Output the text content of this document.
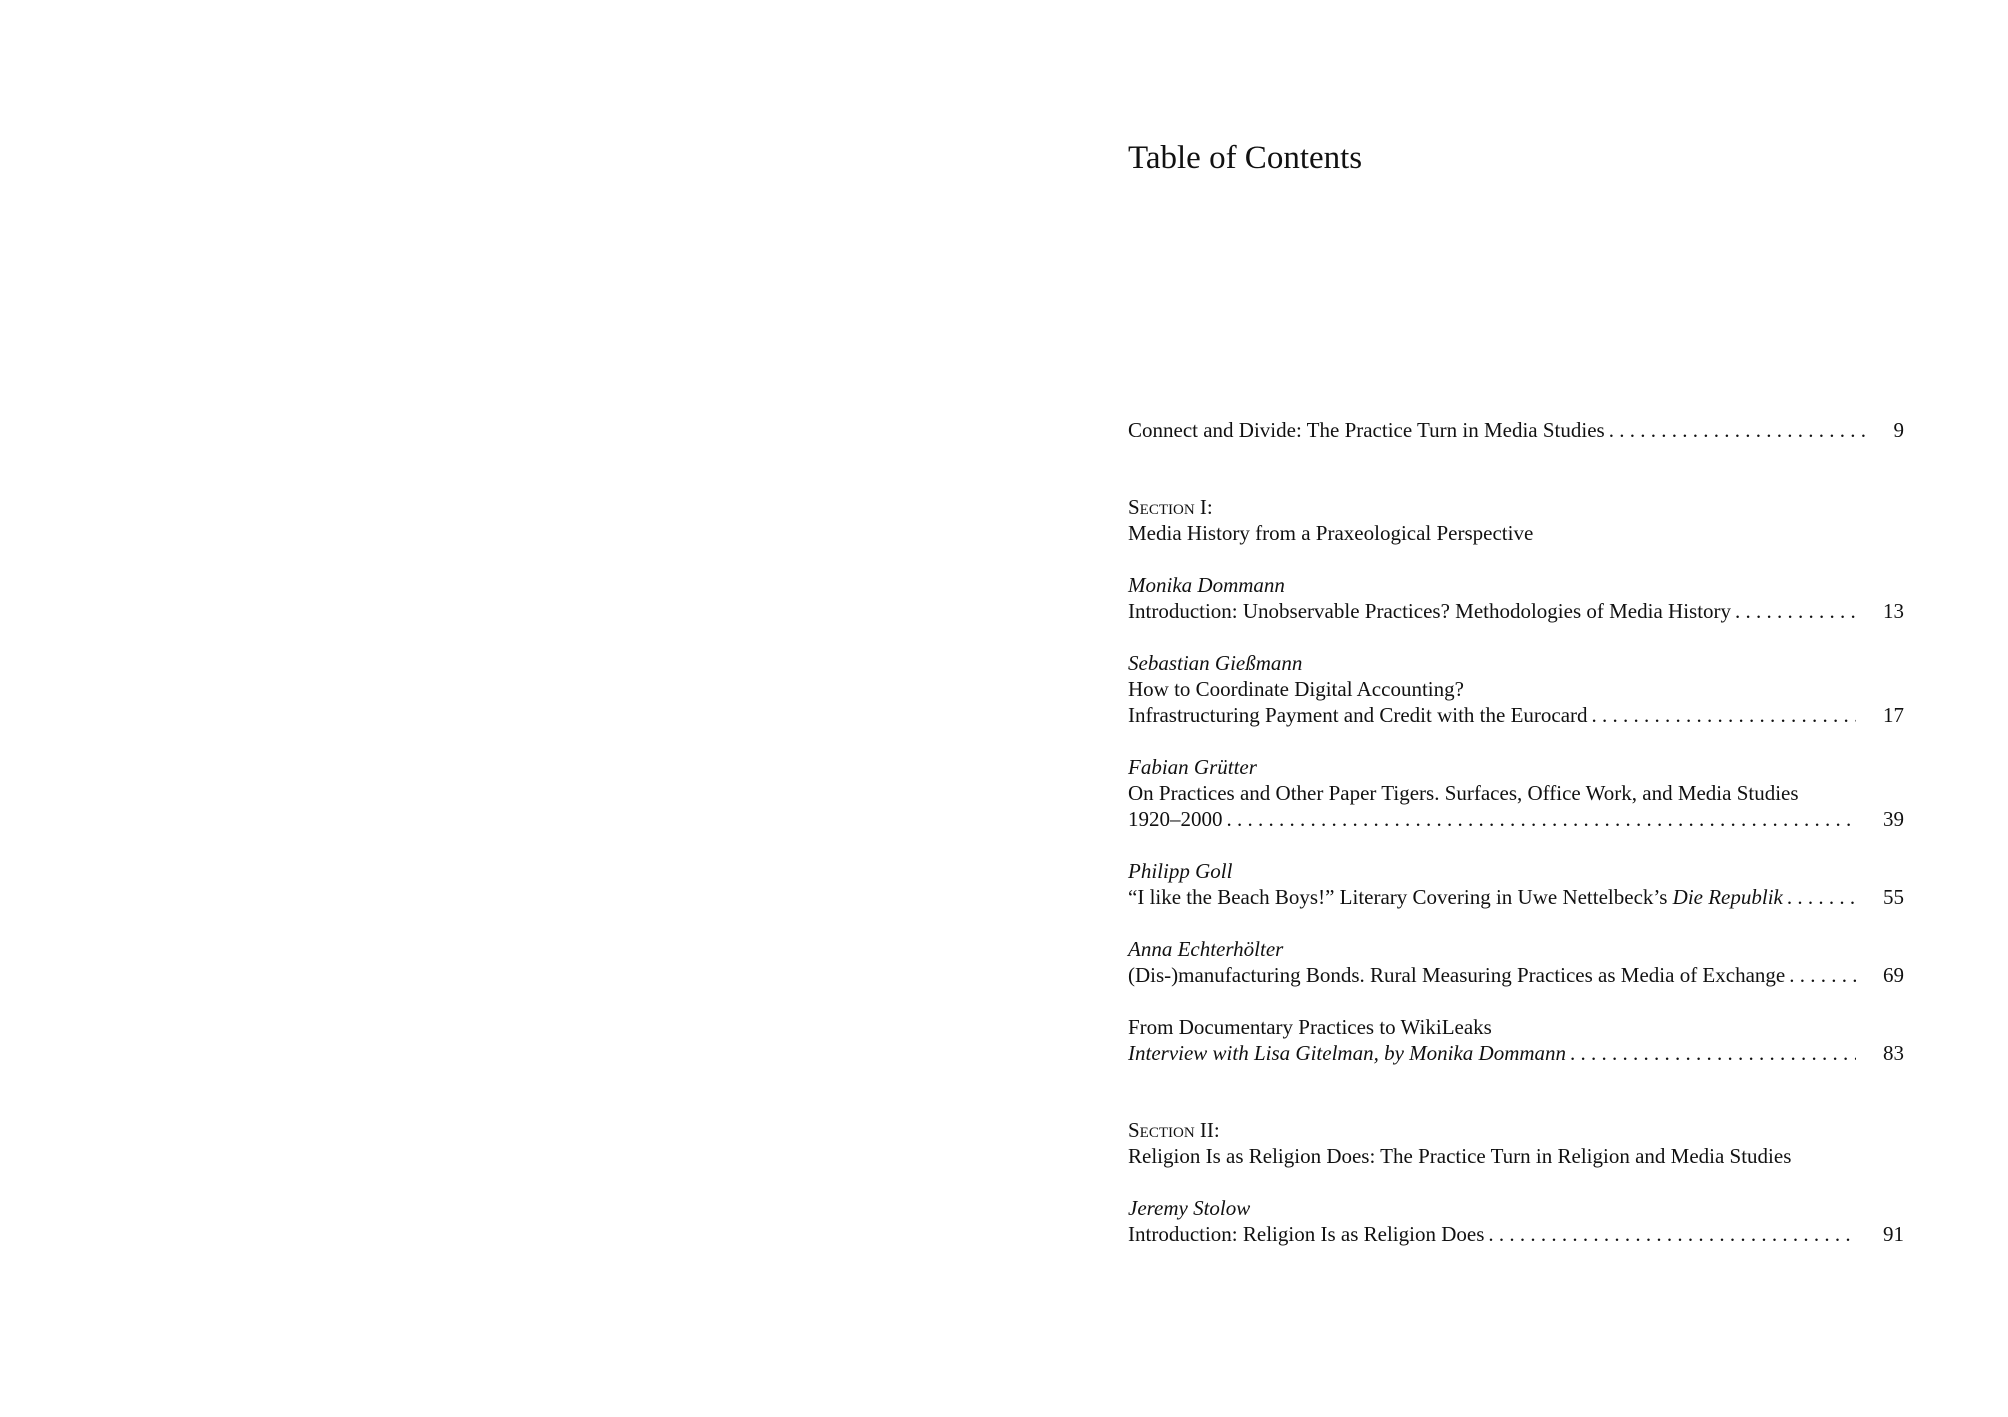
Table of Contents
Connect and Divide: The Practice Turn in Media Studies . . .	9
Section I:
Media History from a Praxeological Perspective
Monika Dommann
Introduction: Unobservable Practices? Methodologies of Media History . . .	13
Sebastian Gießmann
How to Coordinate Digital Accounting?
Infrastructuring Payment and Credit with the Eurocard . . .	17
Fabian Grütter
On Practices and Other Paper Tigers. Surfaces, Office Work, and Media Studies
1920–2000 . . .	39
Philipp Goll
“I like the Beach Boys!” Literary Covering in Uwe Nettelbeck’s Die Republik . . .	55
Anna Echterhölter
(Dis-)manufacturing Bonds. Rural Measuring Practices as Media of Exchange . . .	69
From Documentary Practices to WikiLeaks
Interview with Lisa Gitelman, by Monika Dommann . . .	83
Section II:
Religion Is as Religion Does: The Practice Turn in Religion and Media Studies
Jeremy Stolow
Introduction: Religion Is as Religion Does . . .	91
